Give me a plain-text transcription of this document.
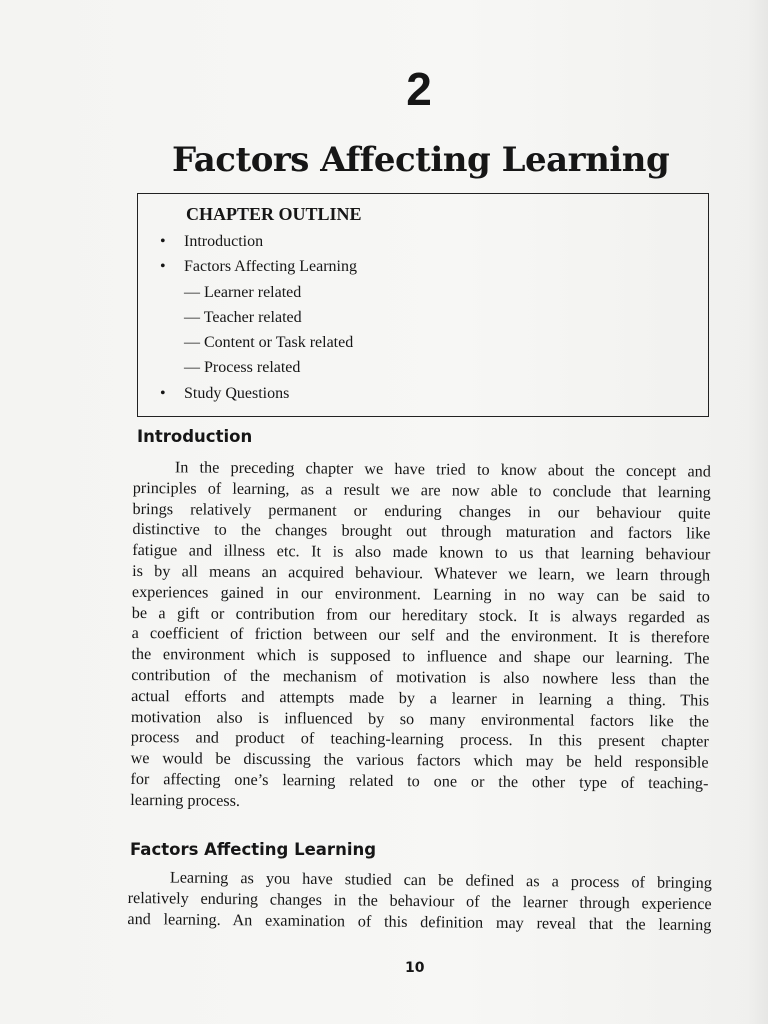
2
Factors Affecting Learning
CHAPTER OUTLINE
• Introduction
• Factors Affecting Learning
— Learner related
— Teacher related
— Content or Task related
— Process related
• Study Questions
Introduction

In the preceding chapter we have tried to know about the concept and
principles of learning, as a result we are now able to conclude that learning
brings relatively permanent or enduring changes in our behaviour quite
distinctive to the changes brought out through maturation and factors like
fatigue and illness etc. It is also made known to us that learning behaviour
is by all means an acquired behaviour. Whatever we learn, we learn through
experiences gained in our environment. Learning in no way can be said to
be a gift or contribution from our hereditary stock. It is always regarded as
a coefficient of friction between our self and the environment. It is therefore
the environment which is supposed to influence and shape our learning. The
contribution of the mechanism of motivation is also nowhere less than the
actual efforts and attempts made by a learner in learning a thing. This
motivation also is influenced by so many environmental factors like the
process and product of teaching-learning process. In this present chapter
we would be discussing the various factors which may be held responsible
for affecting one’s learning related to one or the other type of teaching-
learning process.

Factors Affecting Learning

Learning as you have studied can be defined as a process of bringing
relatively enduring changes in the behaviour of the learner through experience
and learning. An examination of this definition may reveal that the learning

10
